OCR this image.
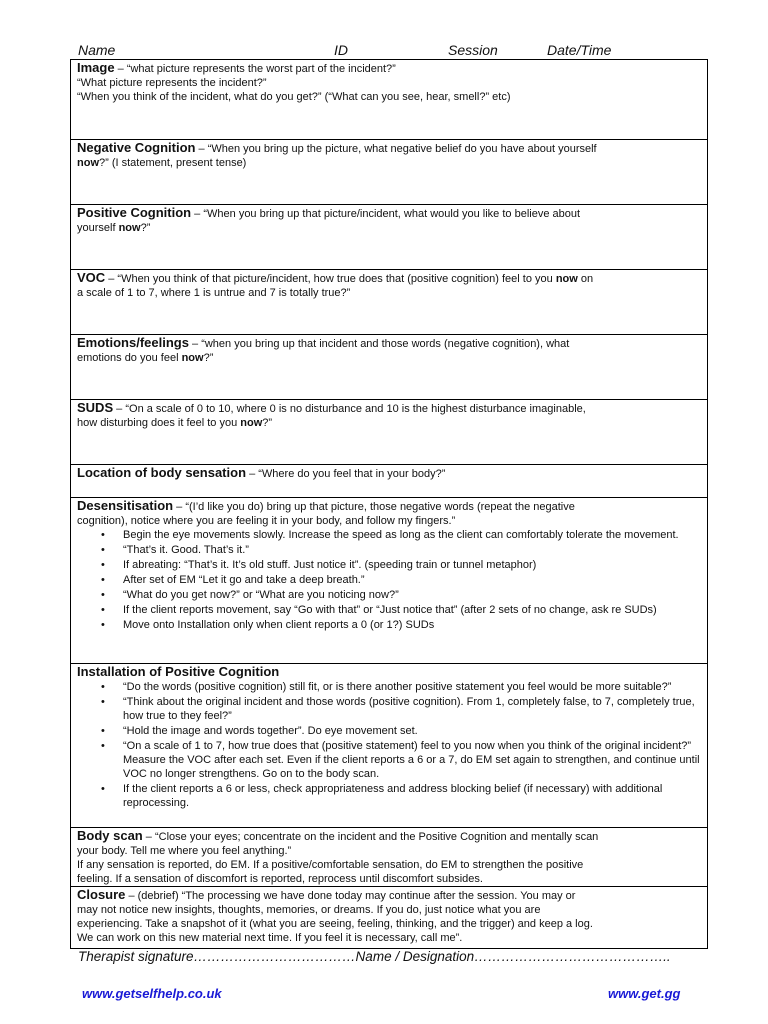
Name	ID	Session	Date/Time
Image – “what picture represents the worst part of the incident?”
“What picture represents the incident?”
“When you think of the incident, what do you get?” (“What can you see, hear, smell?” etc)
Negative Cognition – “When you bring up the picture, what negative belief do you have about yourself
now?” (I statement, present tense)
Positive Cognition – “When you bring up that picture/incident, what would you like to believe about
yourself now?”
VOC – “When you think of that picture/incident, how true does that (positive cognition) feel to you now on
a scale of 1 to 7, where 1 is untrue and 7 is totally true?”
Emotions/feelings – “when you bring up that incident and those words (negative cognition), what
emotions do you feel now?”
SUDS – “On a scale of 0 to 10, where 0 is no disturbance and 10 is the highest disturbance imaginable,
how disturbing does it feel to you now?”
Location of body sensation – “Where do you feel that in your body?”
Desensitisation – “(I’d like you do) bring up that picture, those negative words (repeat the negative
cognition), notice where you are feeling it in your body, and follow my fingers.”
• Begin the eye movements slowly. Increase the speed as long as the client can comfortably tolerate the movement.
• “That’s it. Good. That’s it.”
• If abreating: “That’s it. It’s old stuff. Just notice it”. (speeding train or tunnel metaphor)
• After set of EM “Let it go and take a deep breath.”
• “What do you get now?” or “What are you noticing now?”
• If the client reports movement, say “Go with that” or “Just notice that” (after 2 sets of no change, ask re SUDs)
• Move onto Installation only when client reports a 0 (or 1?) SUDs
Installation of Positive Cognition
• “Do the words (positive cognition) still fit, or is there another positive statement you feel would be more suitable?”
• “Think about the original incident and those words (positive cognition). From 1, completely false, to 7, completely true, how true to they feel?”
• “Hold the image and words together”. Do eye movement set.
• “On a scale of 1 to 7, how true does that (positive statement) feel to you now when you think of the original incident?” Measure the VOC after each set. Even if the client reports a 6 or a 7, do EM set again to strengthen, and continue until VOC no longer strengthens. Go on to the body scan.
• If the client reports a 6 or less, check appropriateness and address blocking belief (if necessary) with additional reprocessing.
Body scan – “Close your eyes; concentrate on the incident and the Positive Cognition and mentally scan
your body. Tell me where you feel anything.”
If any sensation is reported, do EM. If a positive/comfortable sensation, do EM to strengthen the positive
feeling. If a sensation of discomfort is reported, reprocess until discomfort subsides.
Closure – (debrief) “The processing we have done today may continue after the session. You may or
may not notice new insights, thoughts, memories, or dreams. If you do, just notice what you are
experiencing. Take a snapshot of it (what you are seeing, feeling, thinking, and the trigger) and keep a log.
We can work on this new material next time. If you feel it is necessary, call me”.
Therapist signature………………………………Name / Designation……………………………………..
www.getselfhelp.co.uk	www.get.gg
